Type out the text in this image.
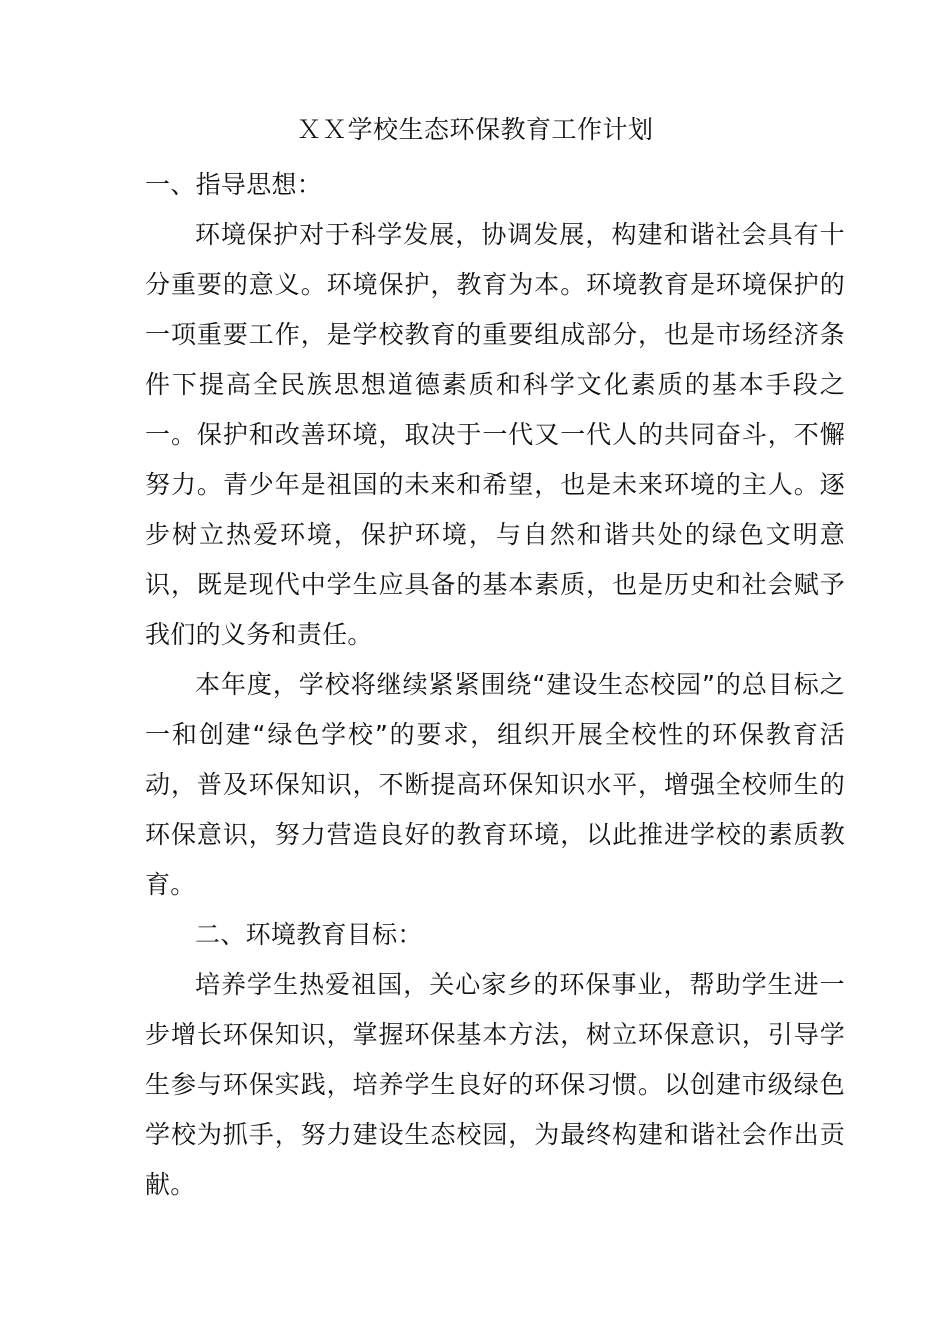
ＸＸ学校生态环保教育工作计划

一、指导思想：

环境保护对于科学发展，协调发展，构建和谐社会具有十分重要的意义。环境保护，教育为本。环境教育是环境保护的一项重要工作，是学校教育的重要组成部分，也是市场经济条件下提高全民族思想道德素质和科学文化素质的基本手段之一。保护和改善环境，取决于一代又一代人的共同奋斗，不懈努力。青少年是祖国的未来和希望，也是未来环境的主人。逐步树立热爱环境，保护环境，与自然和谐共处的绿色文明意识，既是现代中学生应具备的基本素质，也是历史和社会赋予我们的义务和责任。

本年度，学校将继续紧紧围绕“建设生态校园”的总目标之一和创建“绿色学校”的要求，组织开展全校性的环保教育活动，普及环保知识，不断提高环保知识水平，增强全校师生的环保意识，努力营造良好的教育环境，以此推进学校的素质教育。

二、环境教育目标：

培养学生热爱祖国，关心家乡的环保事业，帮助学生进一步增长环保知识，掌握环保基本方法，树立环保意识，引导学生参与环保实践，培养学生良好的环保习惯。以创建市级绿色学校为抓手，努力建设生态校园，为最终构建和谐社会作出贡献。
